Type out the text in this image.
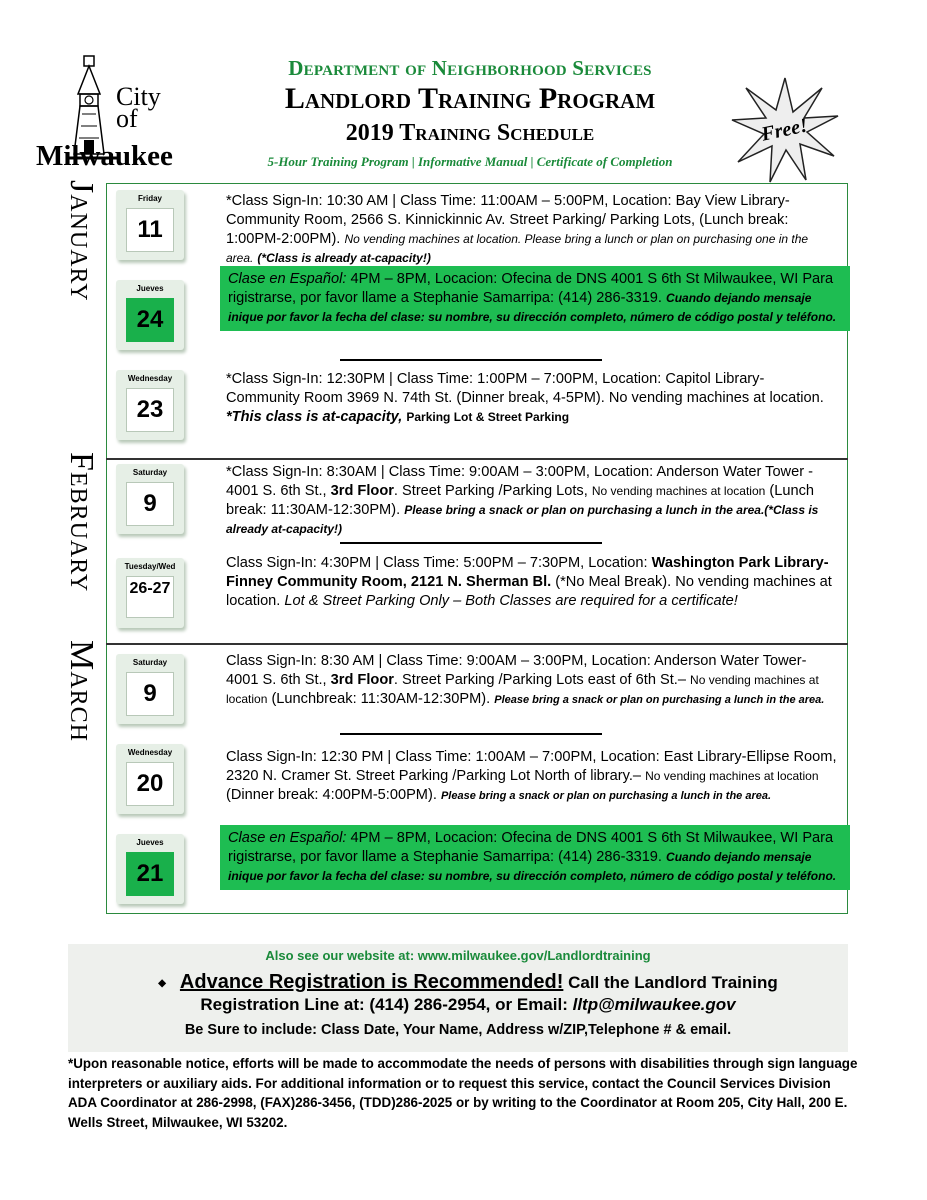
City
of
Milwaukee
Department of Neighborhood Services
Landlord Training Program
2019 Training Schedule
5-Hour Training Program | Informative Manual | Certificate of Completion
Free!
January
February
March
Friday
11
Jueves
24
Wednesday
23
Saturday
9
Tuesday/Wed
26-27
Saturday
9
Wednesday
20
Jueves
21
*Class Sign-In: 10:30 AM | Class Time: 11:00AM – 5:00PM, Location: Bay View Library-Community Room, 2566 S. Kinnickinnic Av. Street Parking/ Parking Lots, (Lunch break: 1:00PM-2:00PM). No vending machines at location. Please bring a lunch or plan on purchasing one in the area. (*Class is already at-capacity!)
Clase en Español: 4PM – 8PM, Locacion: Ofecina de DNS 4001 S 6th St Milwaukee, WI Para rigistrarse, por favor llame a Stephanie Samarripa: (414) 286-3319. Cuando dejando mensaje inique por favor la fecha del clase: su nombre, su dirección completo, número de código postal y teléfono.
*Class Sign-In: 12:30PM | Class Time: 1:00PM – 7:00PM, Location: Capitol Library-Community Room 3969 N. 74th St. (Dinner break, 4-5PM). No vending machines at location. *This class is at-capacity, Parking Lot & Street Parking
*Class Sign-In: 8:30AM | Class Time: 9:00AM – 3:00PM, Location: Anderson Water Tower - 4001 S. 6th St., 3rd Floor. Street Parking /Parking Lots, No vending machines at location (Lunch break: 11:30AM-12:30PM). Please bring a snack or plan on purchasing a lunch in the area.(*Class is already at-capacity!)
Class Sign-In: 4:30PM | Class Time: 5:00PM – 7:30PM, Location: Washington Park Library-Finney Community Room, 2121 N. Sherman Bl. (*No Meal Break). No vending machines at location. Lot & Street Parking Only – Both Classes are required for a certificate!
Class Sign-In: 8:30 AM | Class Time: 9:00AM – 3:00PM, Location: Anderson Water Tower-4001 S. 6th St., 3rd Floor. Street Parking /Parking Lots east of 6th St.– No vending machines at location (Lunchbreak: 11:30AM-12:30PM). Please bring a snack or plan on purchasing a lunch in the area.
Class Sign-In: 12:30 PM | Class Time: 1:00AM – 7:00PM, Location: East Library-Ellipse Room, 2320 N. Cramer St. Street Parking /Parking Lot North of library.– No vending machines at location (Dinner break: 4:00PM-5:00PM). Please bring a snack or plan on purchasing a lunch in the area.
Clase en Español: 4PM – 8PM, Locacion: Ofecina de DNS 4001 S 6th St Milwaukee, WI Para rigistrarse, por favor llame a Stephanie Samarripa: (414) 286-3319. Cuando dejando mensaje inique por favor la fecha del clase: su nombre, su dirección completo, número de código postal y teléfono.
Also see our website at: www.milwaukee.gov/Landlordtraining
◆ Advance Registration is Recommended! Call the Landlord Training Registration Line at: (414) 286-2954, or Email: lltp@milwaukee.gov
Be Sure to include: Class Date, Your Name, Address w/ZIP,Telephone # & email.
*Upon reasonable notice, efforts will be made to accommodate the needs of persons with disabilities through sign language interpreters or auxiliary aids. For additional information or to request this service, contact the Council Services Division ADA Coordinator at 286-2998, (FAX)286-3456, (TDD)286-2025 or by writing to the Coordinator at Room 205, City Hall, 200 E. Wells Street, Milwaukee, WI 53202.
